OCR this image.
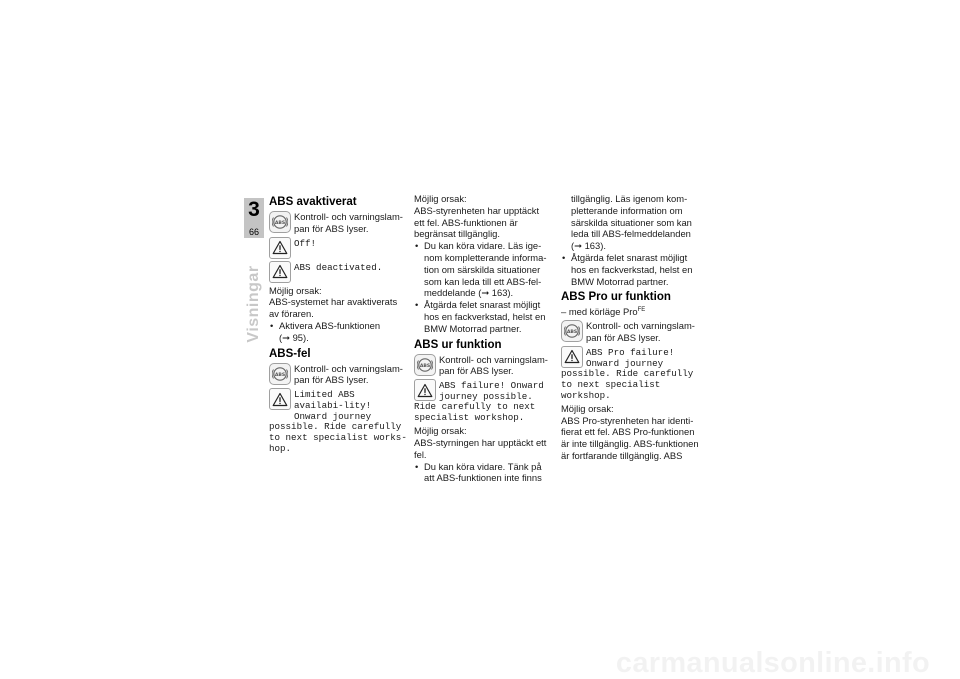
3
66
Visningar
ABS avaktiverat
ABS
Kontroll- och varningslam-pan för ABS lyser.
Off!
ABS deactivated.

Möjlig orsak:

ABS-systemet har avaktiverats av föraren.

• Aktivera ABS-funktionen
(➞ 95).
ABS-fel
ABS
Kontroll- och varningslam-pan för ABS lyser.
Limited ABS availabi-lity! Onward journey
possible. Ride carefully to next specialist works-hop.

Möjlig orsak:

ABS-styrenheten har upptäckt ett fel. ABS-funktionen är begränsat tillgänglig.

• Du kan köra vidare. Läs ige-nom kompletterande informa-tion om särskilda situationer som kan leda till ett ABS-fel-meddelande (➞ 163).
• Åtgärda felet snarast möjligt hos en fackverkstad, helst en BMW Motorrad partner.
ABS ur funktion
ABS
Kontroll- och varningslam-pan för ABS lyser.
ABS failure! Onward journey possible.
Ride carefully to next specialist workshop.

Möjlig orsak:

ABS-styrningen har upptäckt ett fel.

• Du kan köra vidare. Tänk på att ABS-funktionen inte finns

tillgänglig. Läs igenom kom-pletterande information om särskilda situationer som kan leda till ABS-felmeddelanden (➞ 163).

• Åtgärda felet snarast möjligt hos en fackverkstad, helst en BMW Motorrad partner.
ABS Pro ur funktion

– med körläge Pro$^{FE}$

ABS
Kontroll- och varningslam-pan för ABS lyser.
ABS Pro failure! Onward journey
possible. Ride carefully to next specialist workshop.

Möjlig orsak:

ABS Pro-styrenheten har identi-fierat ett fel. ABS Pro-funktionen är inte tillgänglig. ABS-funktionen är fortfarande tillgänglig. ABS

carmanualsonline.info
